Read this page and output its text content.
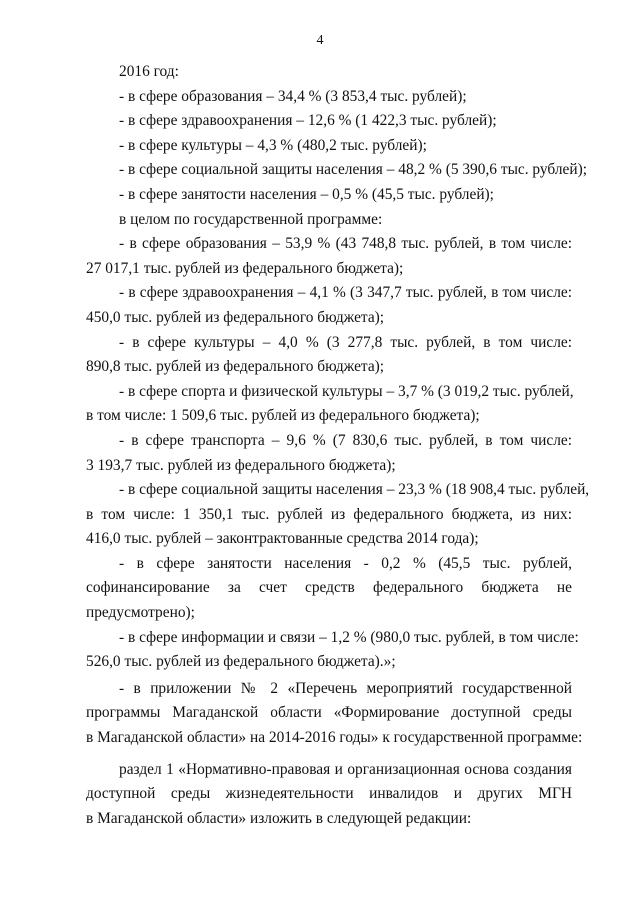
4
2016 год:
- в сфере образования – 34,4 % (3 853,4 тыс. рублей);
- в сфере здравоохранения – 12,6 % (1 422,3 тыс. рублей);
- в сфере культуры – 4,3 % (480,2 тыс. рублей);
- в сфере социальной защиты населения – 48,2 % (5 390,6 тыс. рублей);
- в сфере занятости населения – 0,5 % (45,5 тыс. рублей);
в целом по государственной программе:
- в сфере образования – 53,9 % (43 748,8 тыс. рублей, в том числе:
27 017,1 тыс. рублей из федерального бюджета);
- в сфере здравоохранения – 4,1 % (3 347,7 тыс. рублей, в том числе:
450,0 тыс. рублей из федерального бюджета);
- в сфере культуры – 4,0 % (3 277,8 тыс. рублей, в том числе:
890,8 тыс. рублей из федерального бюджета);
- в сфере спорта и физической культуры – 3,7 % (3 019,2 тыс. рублей,
в том числе: 1 509,6 тыс. рублей из федерального бюджета);
- в сфере транспорта – 9,6 % (7 830,6 тыс. рублей, в том числе:
3 193,7 тыс. рублей из федерального бюджета);
- в сфере социальной защиты населения – 23,3 % (18 908,4 тыс. рублей,
в том числе: 1 350,1 тыс. рублей из федерального бюджета, из них:
416,0 тыс. рублей – законтрактованные средства 2014 года);
- в сфере занятости населения - 0,2 % (45,5 тыс. рублей,
софинансирование за счет средств федерального бюджета не
предусмотрено);
- в сфере информации и связи – 1,2 % (980,0 тыс. рублей, в том числе:
526,0 тыс. рублей из федерального бюджета).»;
- в приложении № 2 «Перечень мероприятий государственной
программы Магаданской области «Формирование доступной среды
в Магаданской области» на 2014-2016 годы» к государственной программе:
раздел 1 «Нормативно-правовая и организационная основа создания
доступной среды жизнедеятельности инвалидов и других МГН
в Магаданской области» изложить в следующей редакции:
